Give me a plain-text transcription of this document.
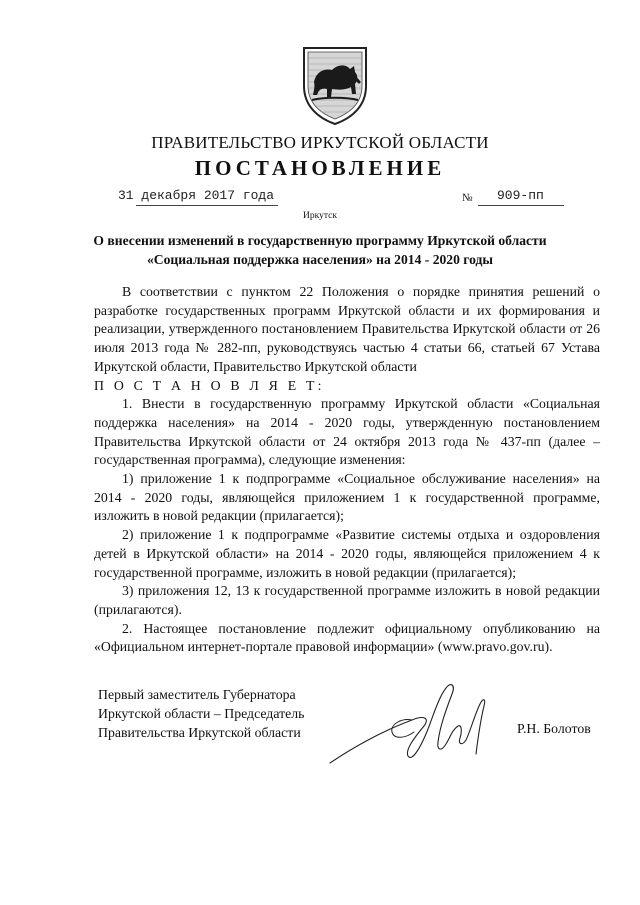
ПРАВИТЕЛЬСТВО ИРКУТСКОЙ ОБЛАСТИ
ПОСТАНОВЛЕНИЕ
31 декабря 2017 года	№ 909-пп
Иркутск
О внесении изменений в государственную программу Иркутской области
«Социальная поддержка населения» на 2014 - 2020 годы

В соответствии с пунктом 22 Положения о порядке принятия решений о разработке государственных программ Иркутской области и их формирования и реализации, утвержденного постановлением Правительства Иркутской области от 26 июля 2013 года № 282-пп, руководствуясь частью 4 статьи 66, статьей 67 Устава Иркутской области, Правительство Иркутской области

П О С Т А Н О В Л Я Е Т:

1. Внести в государственную программу Иркутской области «Социальная поддержка населения» на 2014 - 2020 годы, утвержденную постановлением Правительства Иркутской области от 24 октября 2013 года № 437-пп (далее – государственная программа), следующие изменения:

1) приложение 1 к подпрограмме «Социальное обслуживание населения» на 2014 - 2020 годы, являющейся приложением 1 к государственной программе, изложить в новой редакции (прилагается);

2) приложение 1 к подпрограмме «Развитие системы отдыха и оздоровления детей в Иркутской области» на 2014 - 2020 годы, являющейся приложением 4 к государственной программе, изложить в новой редакции (прилагается);

3) приложения 12, 13 к государственной программе изложить в новой редакции (прилагаются).

2. Настоящее постановление подлежит официальному опубликованию на «Официальном интернет-портале правовой информации» (www.pravo.gov.ru).

Первый заместитель Губернатора
Иркутской области – Председатель
Правительства Иркутской области	Р.Н. Болотов
